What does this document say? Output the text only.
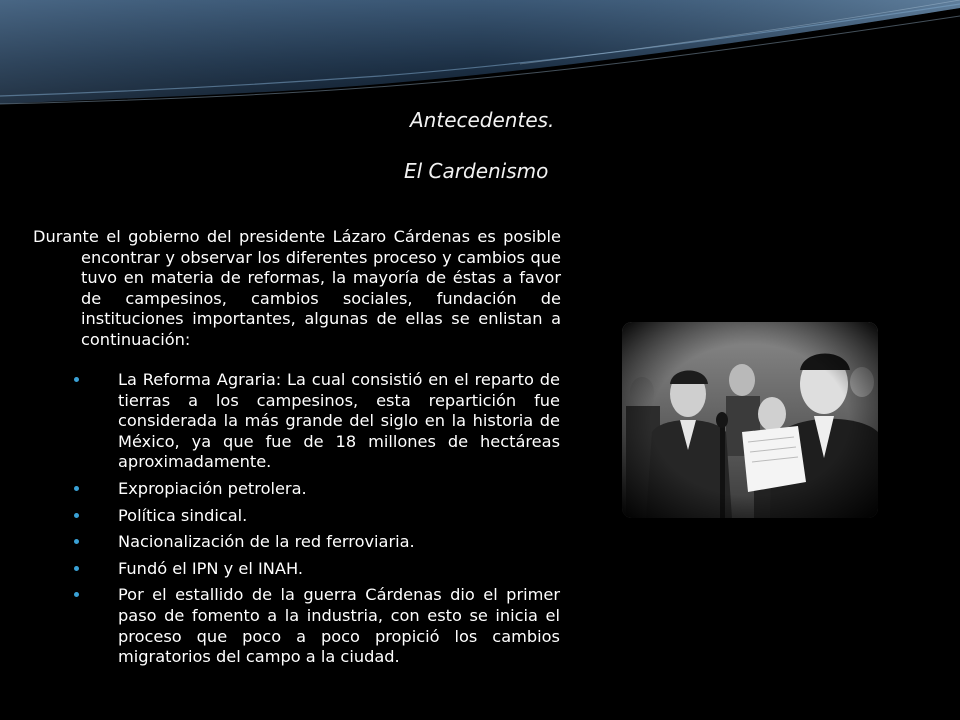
Antecedentes.
El Cardenismo

Durante el gobierno del presidente Lázaro Cárdenas es posible encontrar y observar los diferentes proceso y cambios que tuvo en materia de reformas, la mayoría de éstas a favor de campesinos, cambios sociales, fundación de instituciones importantes, algunas de ellas se enlistan a continuación:

La Reforma Agraria: La cual consistió en el reparto de tierras a los campesinos, esta repartición fue considerada la más grande del siglo en la historia de México, ya que fue de 18 millones de hectáreas aproximadamente.
Expropiación petrolera.
Política sindical.
Nacionalización de la red ferroviaria.
Fundó el IPN y el INAH.
Por el estallido de la guerra Cárdenas dio el primer paso de fomento a la industria, con esto se inicia el proceso que poco a poco propició los cambios migratorios del campo a la ciudad.
